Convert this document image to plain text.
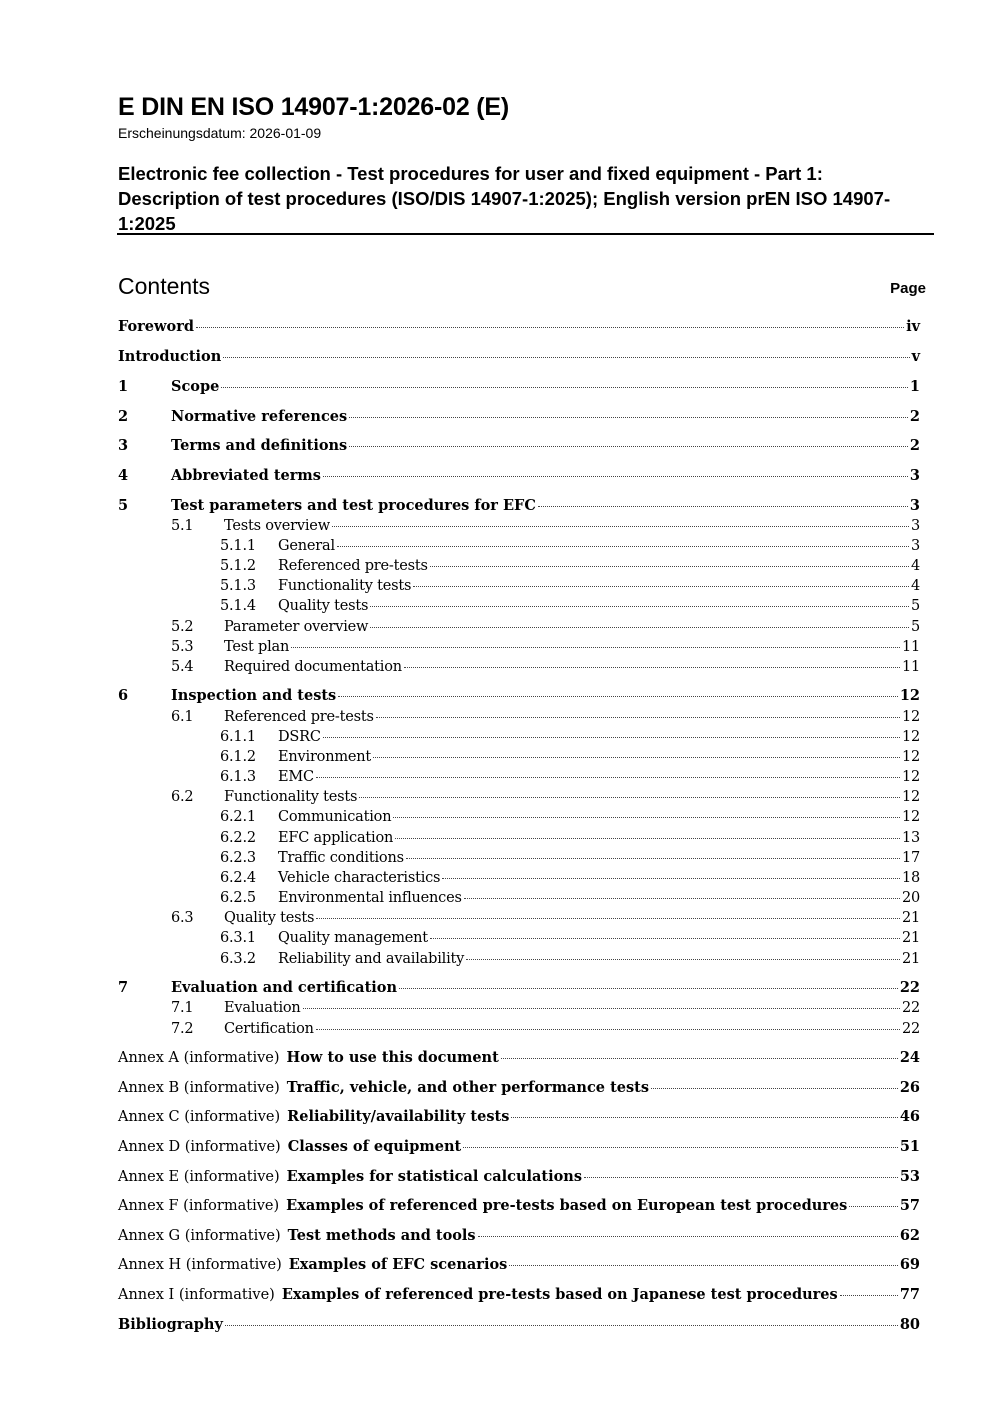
E DIN EN ISO 14907-1:2026-02 (E)
Erscheinungsdatum: 2026-01-09
Electronic fee collection - Test procedures for user and fixed equipment - Part 1: Description of test procedures (ISO/DIS 14907-1:2025); English version prEN ISO 14907-1:2025
Contents	Page
Foreword	iv
Introduction	v
1	Scope	1
2	Normative references	2
3	Terms and definitions	2
4	Abbreviated terms	3
5	Test parameters and test procedures for EFC	3
5.1	Tests overview	3
5.1.1	General	3
5.1.2	Referenced pre-tests	4
5.1.3	Functionality tests	4
5.1.4	Quality tests	5
5.2	Parameter overview	5
5.3	Test plan	11
5.4	Required documentation	11
6	Inspection and tests	12
6.1	Referenced pre-tests	12
6.1.1	DSRC	12
6.1.2	Environment	12
6.1.3	EMC	12
6.2	Functionality tests	12
6.2.1	Communication	12
6.2.2	EFC application	13
6.2.3	Traffic conditions	17
6.2.4	Vehicle characteristics	18
6.2.5	Environmental influences	20
6.3	Quality tests	21
6.3.1	Quality management	21
6.3.2	Reliability and availability	21
7	Evaluation and certification	22
7.1	Evaluation	22
7.2	Certification	22
Annex A (informative) How to use this document	24
Annex B (informative) Traffic, vehicle, and other performance tests	26
Annex C (informative) Reliability/availability tests	46
Annex D (informative) Classes of equipment	51
Annex E (informative) Examples for statistical calculations	53
Annex F (informative) Examples of referenced pre-tests based on European test procedures	57
Annex G (informative) Test methods and tools	62
Annex H (informative) Examples of EFC scenarios	69
Annex I (informative) Examples of referenced pre-tests based on Japanese test procedures	77
Bibliography	80
